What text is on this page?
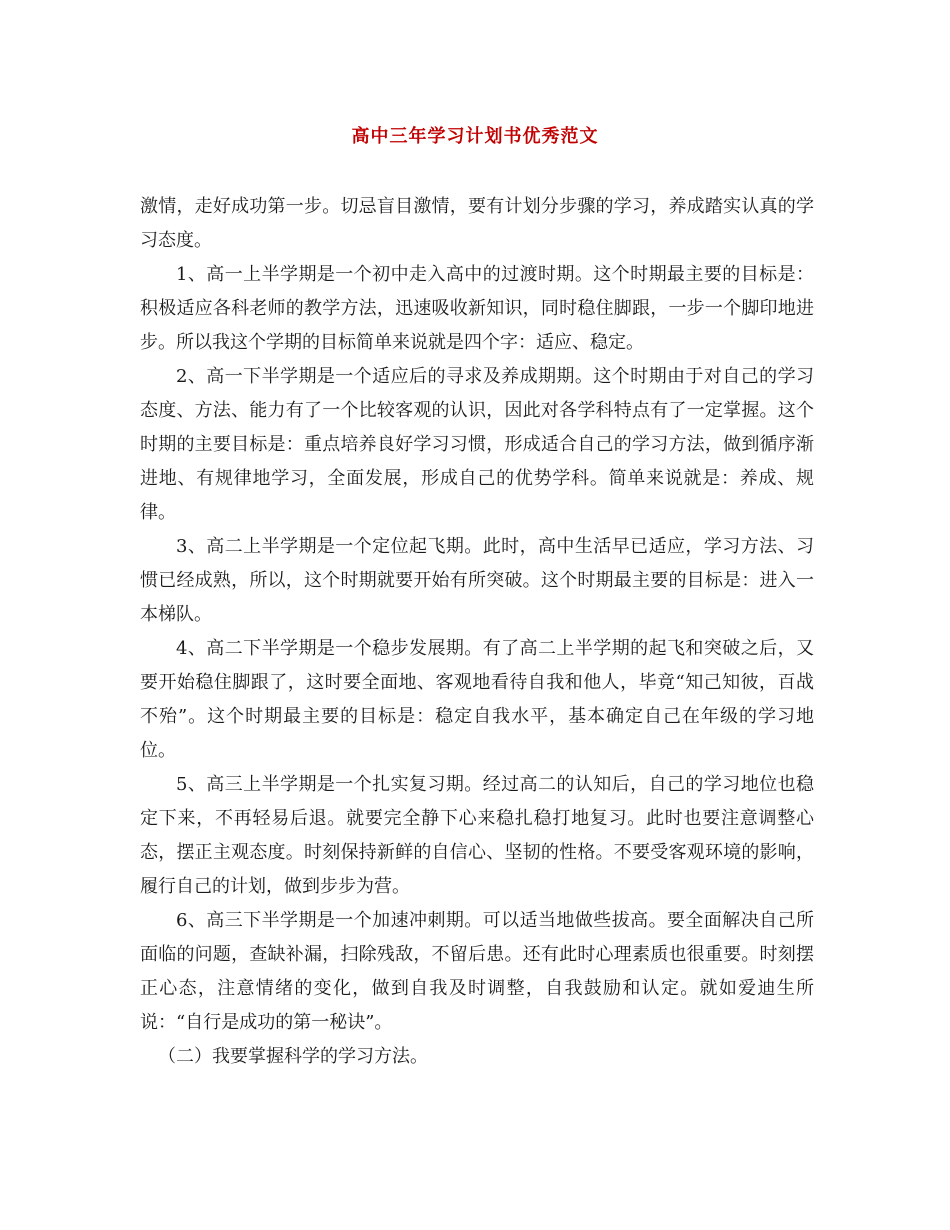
高中三年学习计划书优秀范文

激情，走好成功第一步。切忌盲目激情，要有计划分步骤的学习，养成踏实认真的学习态度。

1、高一上半学期是一个初中走入高中的过渡时期。这个时期最主要的目标是：积极适应各科老师的教学方法，迅速吸收新知识，同时稳住脚跟，一步一个脚印地进步。所以我这个学期的目标简单来说就是四个字：适应、稳定。

2、高一下半学期是一个适应后的寻求及养成期期。这个时期由于对自己的学习态度、方法、能力有了一个比较客观的认识，因此对各学科特点有了一定掌握。这个时期的主要目标是：重点培养良好学习习惯，形成适合自己的学习方法，做到循序渐进地、有规律地学习，全面发展，形成自己的优势学科。简单来说就是：养成、规律。

3、高二上半学期是一个定位起飞期。此时，高中生活早已适应，学习方法、习惯已经成熟，所以，这个时期就要开始有所突破。这个时期最主要的目标是：进入一本梯队。

4、高二下半学期是一个稳步发展期。有了高二上半学期的起飞和突破之后，又要开始稳住脚跟了，这时要全面地、客观地看待自我和他人，毕竟“知己知彼，百战不殆”。这个时期最主要的目标是：稳定自我水平，基本确定自己在年级的学习地位。

5、高三上半学期是一个扎实复习期。经过高二的认知后，自己的学习地位也稳定下来，不再轻易后退。就要完全静下心来稳扎稳打地复习。此时也要注意调整心态，摆正主观态度。时刻保持新鲜的自信心、坚韧的性格。不要受客观环境的影响，履行自己的计划，做到步步为营。

6、高三下半学期是一个加速冲刺期。可以适当地做些拔高。要全面解决自己所面临的问题，查缺补漏，扫除残敌，不留后患。还有此时心理素质也很重要。时刻摆正心态，注意情绪的变化，做到自我及时调整，自我鼓励和认定。就如爱迪生所说：“自行是成功的第一秘诀”。

（二）我要掌握科学的学习方法。
